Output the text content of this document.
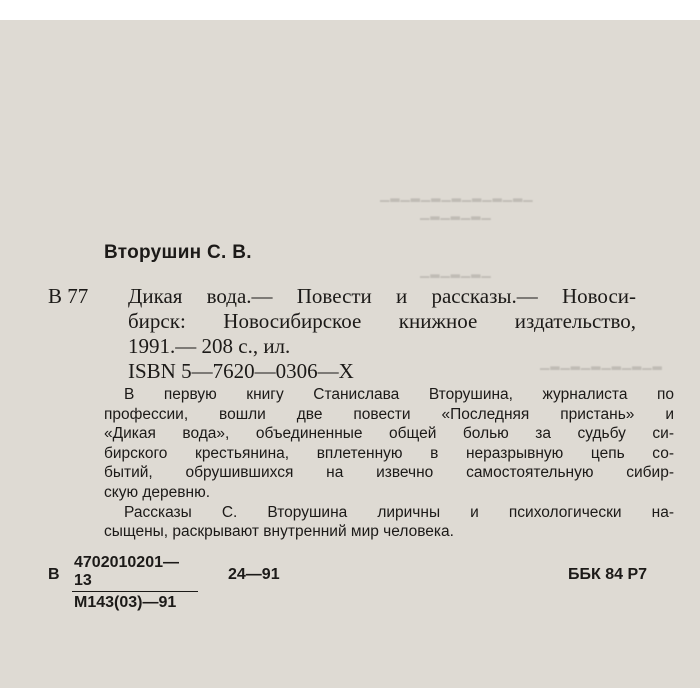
▁▂▁▂▁▂▁▂▁▂▁▂▁▂▁
▁▂▁▂▁▂▁
▁▂▁▂▁▂▁
▁▂▁▂▁▂▁▂▁▂▁▂
Вторушин С. В.
В 77 Дикая вода.— Повести и рассказы.— Новоси-

бирск: Новосибирское книжное издательство,

1991.— 208 с., ил.

ISBN 5—7620—0306—X

В первую книгу Станислава Вторушина, журналиста по

профессии, вошли две повести «Последняя пристань» и

«Дикая вода», объединенные общей болью за судьбу си-

бирского крестьянина, вплетенную в неразрывную цепь со-

бытий, обрушившихся на извечно самостоятельную сибир-

скую деревню.

Рассказы С. Вторушина лиричны и психологически на-

сыщены, раскрывают внутренний мир человека.

В
4702010201—13
М143(03)—91
24—91	ББК 84 Р7
